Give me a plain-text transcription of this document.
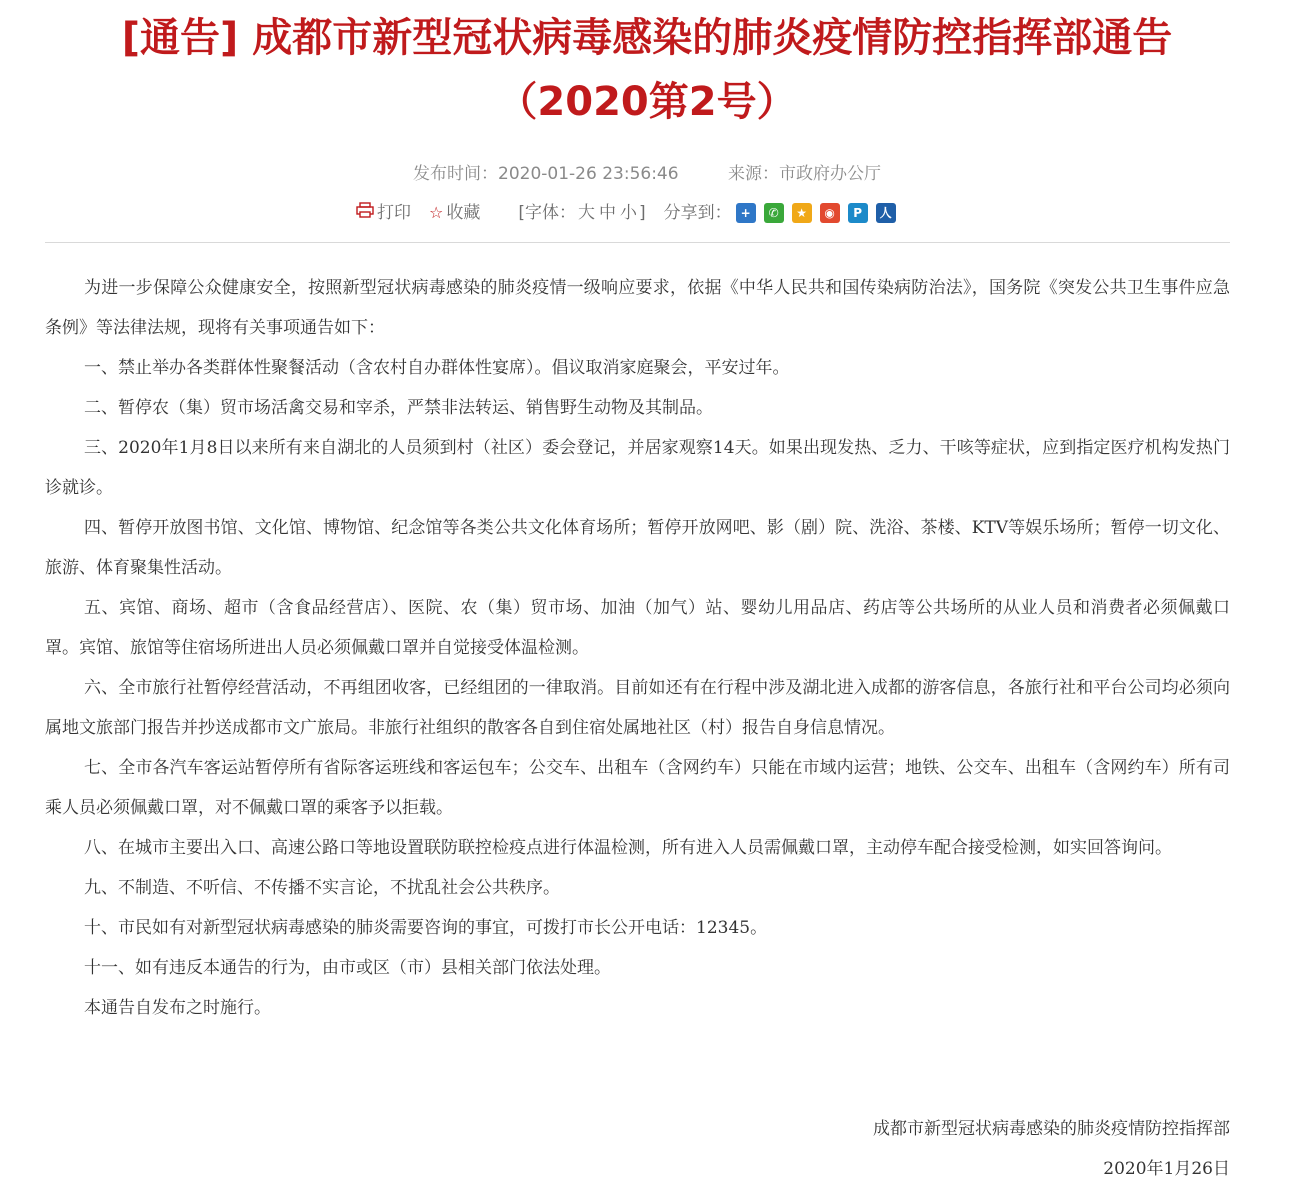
[通告] 成都市新型冠状病毒感染的肺炎疫情防控指挥部通告
（2020第2号）
发布时间：2020-01-26 23:56:46	来源：市政府办公厅
打印 ☆ 收藏 [字体： 大 中 小 ] 分享到： +	✆	★	◉	P	人

为进一步保障公众健康安全，按照新型冠状病毒感染的肺炎疫情一级响应要求，依据《中华人民共和国传染病防治法》，国务院《突发公共卫生事件应急条例》等法律法规，现将有关事项通告如下：

一、禁止举办各类群体性聚餐活动（含农村自办群体性宴席）。倡议取消家庭聚会，平安过年。

二、暂停农（集）贸市场活禽交易和宰杀，严禁非法转运、销售野生动物及其制品。

三、2020年1月8日以来所有来自湖北的人员须到村（社区）委会登记，并居家观察14天。如果出现发热、乏力、干咳等症状，应到指定医疗机构发热门诊就诊。

四、暂停开放图书馆、文化馆、博物馆、纪念馆等各类公共文化体育场所；暂停开放网吧、影（剧）院、洗浴、茶楼、KTV等娱乐场所；暂停一切文化、旅游、体育聚集性活动。

五、宾馆、商场、超市（含食品经营店）、医院、农（集）贸市场、加油（加气）站、婴幼儿用品店、药店等公共场所的从业人员和消费者必须佩戴口罩。宾馆、旅馆等住宿场所进出人员必须佩戴口罩并自觉接受体温检测。

六、全市旅行社暂停经营活动，不再组团收客，已经组团的一律取消。目前如还有在行程中涉及湖北进入成都的游客信息，各旅行社和平台公司均必须向属地文旅部门报告并抄送成都市文广旅局。非旅行社组织的散客各自到住宿处属地社区（村）报告自身信息情况。

七、全市各汽车客运站暂停所有省际客运班线和客运包车；公交车、出租车（含网约车）只能在市域内运营；地铁、公交车、出租车（含网约车）所有司乘人员必须佩戴口罩，对不佩戴口罩的乘客予以拒载。

八、在城市主要出入口、高速公路口等地设置联防联控检疫点进行体温检测，所有进入人员需佩戴口罩，主动停车配合接受检测，如实回答询问。

九、不制造、不听信、不传播不实言论，不扰乱社会公共秩序。

十、市民如有对新型冠状病毒感染的肺炎需要咨询的事宜，可拨打市长公开电话：12345。

十一、如有违反本通告的行为，由市或区（市）县相关部门依法处理。

本通告自发布之时施行。

成都市新型冠状病毒感染的肺炎疫情防控指挥部
2020年1月26日
